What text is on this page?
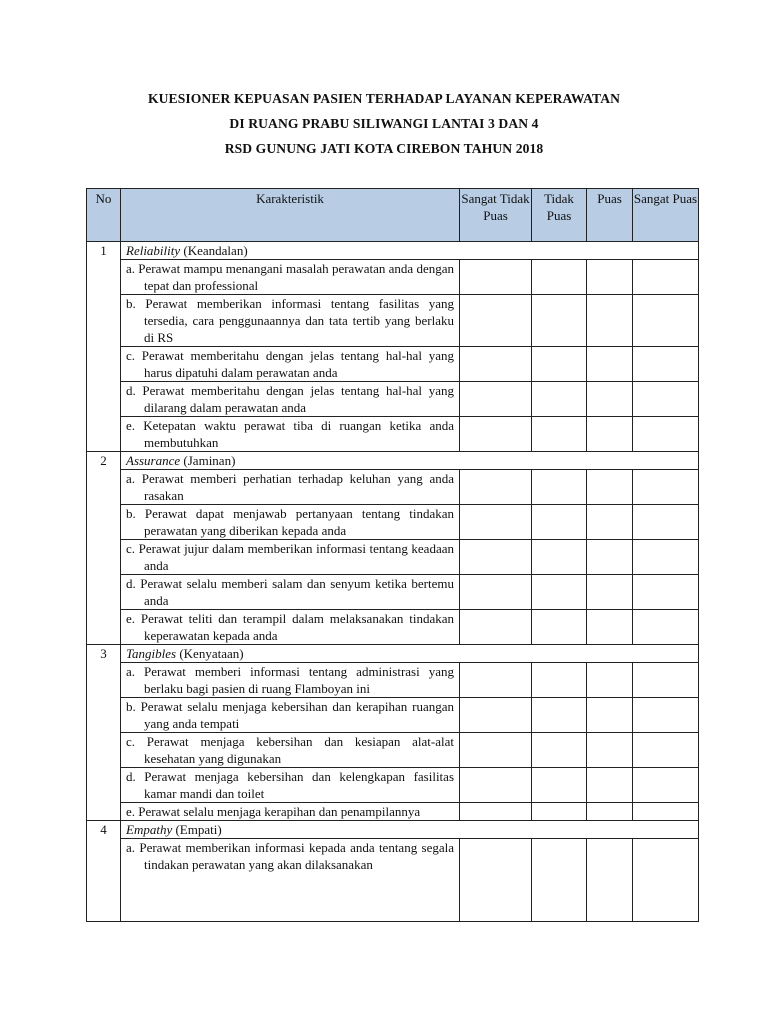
KUESIONER KEPUASAN PASIEN TERHADAP LAYANAN KEPERAWATAN
DI RUANG PRABU SILIWANGI LANTAI 3 DAN 4
RSD GUNUNG JATI KOTA CIREBON TAHUN 2018
No	Karakteristik	Sangat Tidak Puas	Tidak Puas	Puas	Sangat Puas
1	Reliability (Keandalan)				
	a. Perawat mampu menangani masalah perawatan anda dengan tepat dan professional				
	b. Perawat memberikan informasi tentang fasilitas yang tersedia, cara penggunaannya dan tata tertib yang berlaku di RS				
	c. Perawat memberitahu dengan jelas tentang hal-hal yang harus dipatuhi dalam perawatan anda				
	d. Perawat memberitahu dengan jelas tentang hal-hal yang dilarang dalam perawatan anda				
	e. Ketepatan waktu perawat tiba di ruangan ketika anda membutuhkan				
2	Assurance (Jaminan)				
	a. Perawat memberi perhatian terhadap keluhan yang anda rasakan				
	b. Perawat dapat menjawab pertanyaan tentang tindakan perawatan yang diberikan kepada anda				
	c. Perawat jujur dalam memberikan informasi tentang keadaan anda				
	d. Perawat selalu memberi salam dan senyum ketika bertemu anda				
	e. Perawat teliti dan terampil dalam melaksanakan tindakan keperawatan kepada anda				
3	Tangibles (Kenyataan)				
	a. Perawat memberi informasi tentang administrasi yang berlaku bagi pasien di ruang Flamboyan ini				
	b. Perawat selalu menjaga kebersihan dan kerapihan ruangan yang anda tempati				
	c. Perawat menjaga kebersihan dan kesiapan alat-alat kesehatan yang digunakan				
	d. Perawat menjaga kebersihan dan kelengkapan fasilitas kamar mandi dan toilet				
	e. Perawat selalu menjaga kerapihan dan penampilannya				
4	Empathy (Empati)				
	a. Perawat memberikan informasi kepada anda tentang segala tindakan perawatan yang akan dilaksanakan				
